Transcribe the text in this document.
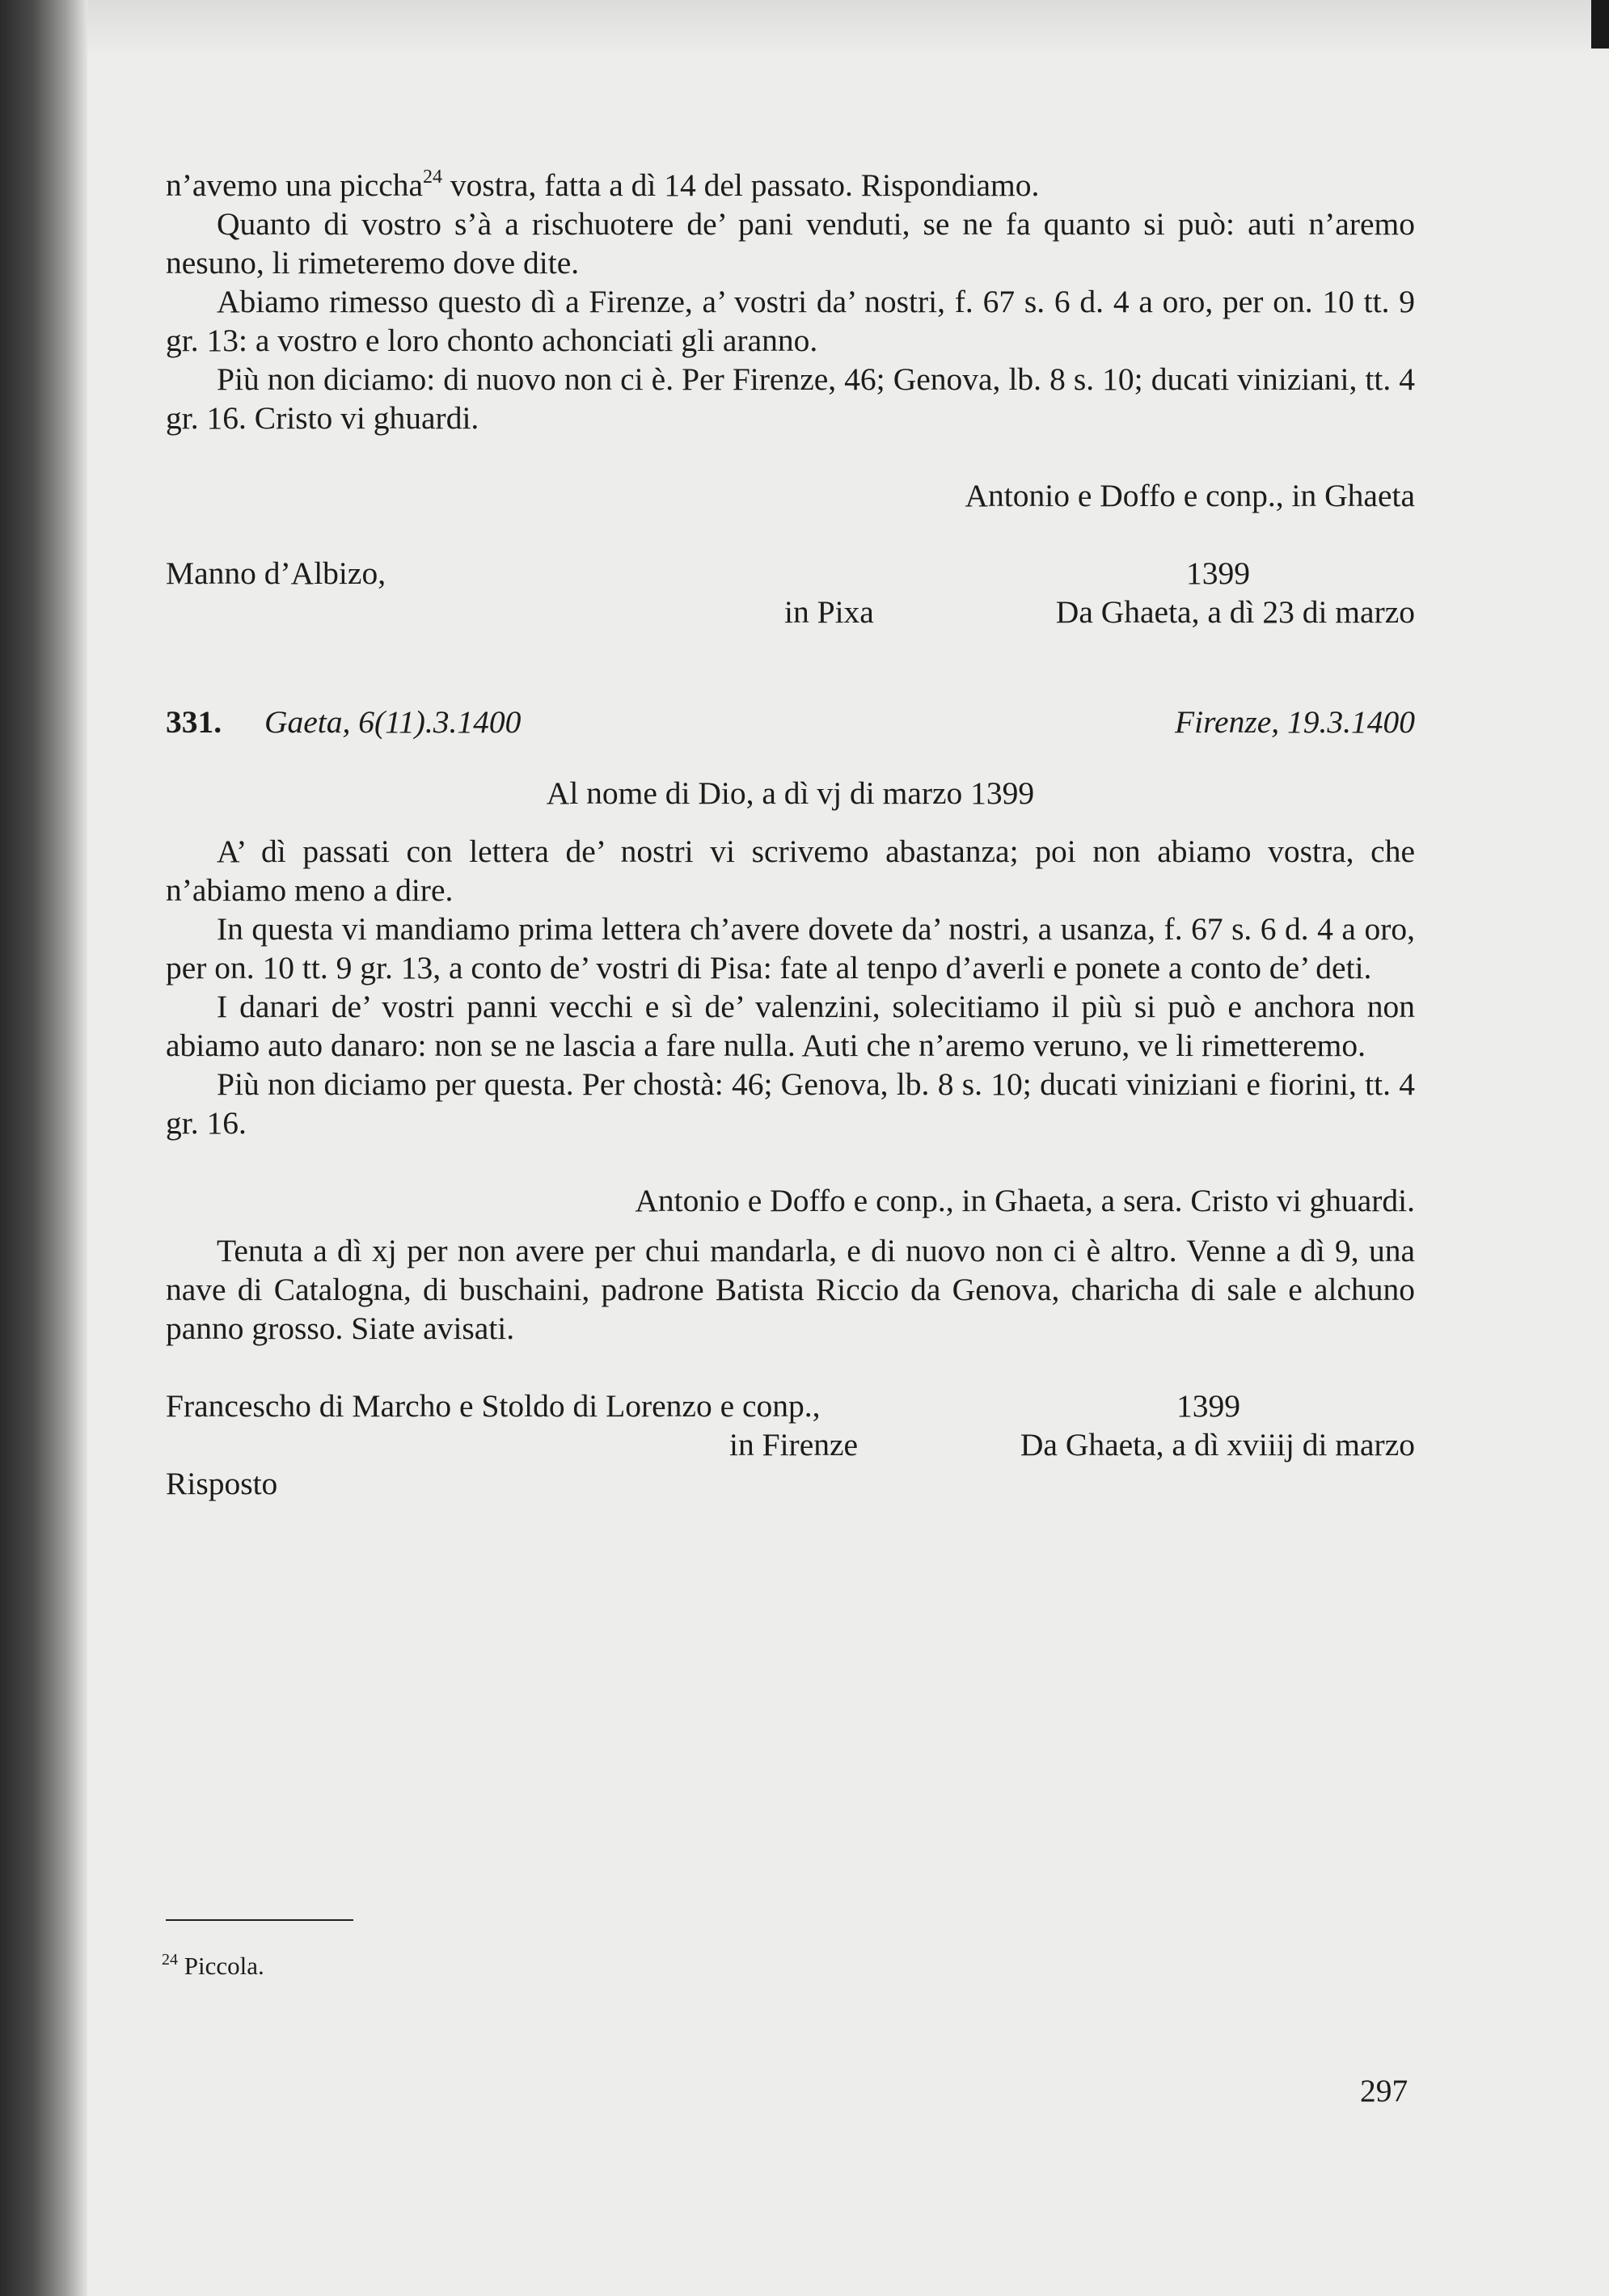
n’avemo una piccha$^{24}$ vostra, fatta a dì 14 del passato. Rispondiamo.

Quanto di vostro s’à a rischuotere de’ pani venduti, se ne fa quanto si può: auti n’aremo nesuno, li rimeteremo dove dite.

Abiamo rimesso questo dì a Firenze, a’ vostri da’ nostri, f. 67 s. 6 d. 4 a oro, per on. 10 tt. 9 gr. 13: a vostro e loro chonto achonciati gli aranno.

Più non diciamo: di nuovo non ci è. Per Firenze, 46; Genova, lb. 8 s. 10; ducati viniziani, tt. 4 gr. 16. Cristo vi ghuardi.

Antonio e Doffo e conp., in Ghaeta

Manno d’Albizo,	1399
in Pixa	Da Ghaeta, a dì 23 di marzo
331. Gaeta, 6(11).3.1400	Firenze, 19.3.1400

Al nome di Dio, a dì vj di marzo 1399

A’ dì passati con lettera de’ nostri vi scrivemo abastanza; poi non abiamo vostra, che n’abiamo meno a dire.

In questa vi mandiamo prima lettera ch’avere dovete da’ nostri, a usanza, f. 67 s. 6 d. 4 a oro, per on. 10 tt. 9 gr. 13, a conto de’ vostri di Pisa: fate al tenpo d’averli e ponete a conto de’ deti.

I danari de’ vostri panni vecchi e sì de’ valenzini, solecitiamo il più si può e anchora non abiamo auto danaro: non se ne lascia a fare nulla. Auti che n’aremo veruno, ve li rimetteremo.

Più non diciamo per questa. Per chostà: 46; Genova, lb. 8 s. 10; ducati viniziani e fiorini, tt. 4 gr. 16.

Antonio e Doffo e conp., in Ghaeta, a sera. Cristo vi ghuardi.

Tenuta a dì xj per non avere per chui mandarla, e di nuovo non ci è altro. Venne a dì 9, una nave di Catalogna, di buschaini, padrone Batista Riccio da Genova, charicha di sale e alchuno panno grosso. Siate avisati.

Francescho di Marcho e Stoldo di Lorenzo e conp.,	1399
in Firenze	Da Ghaeta, a dì xviiij di marzo

Risposto

$^{24}$ Piccola.
297
